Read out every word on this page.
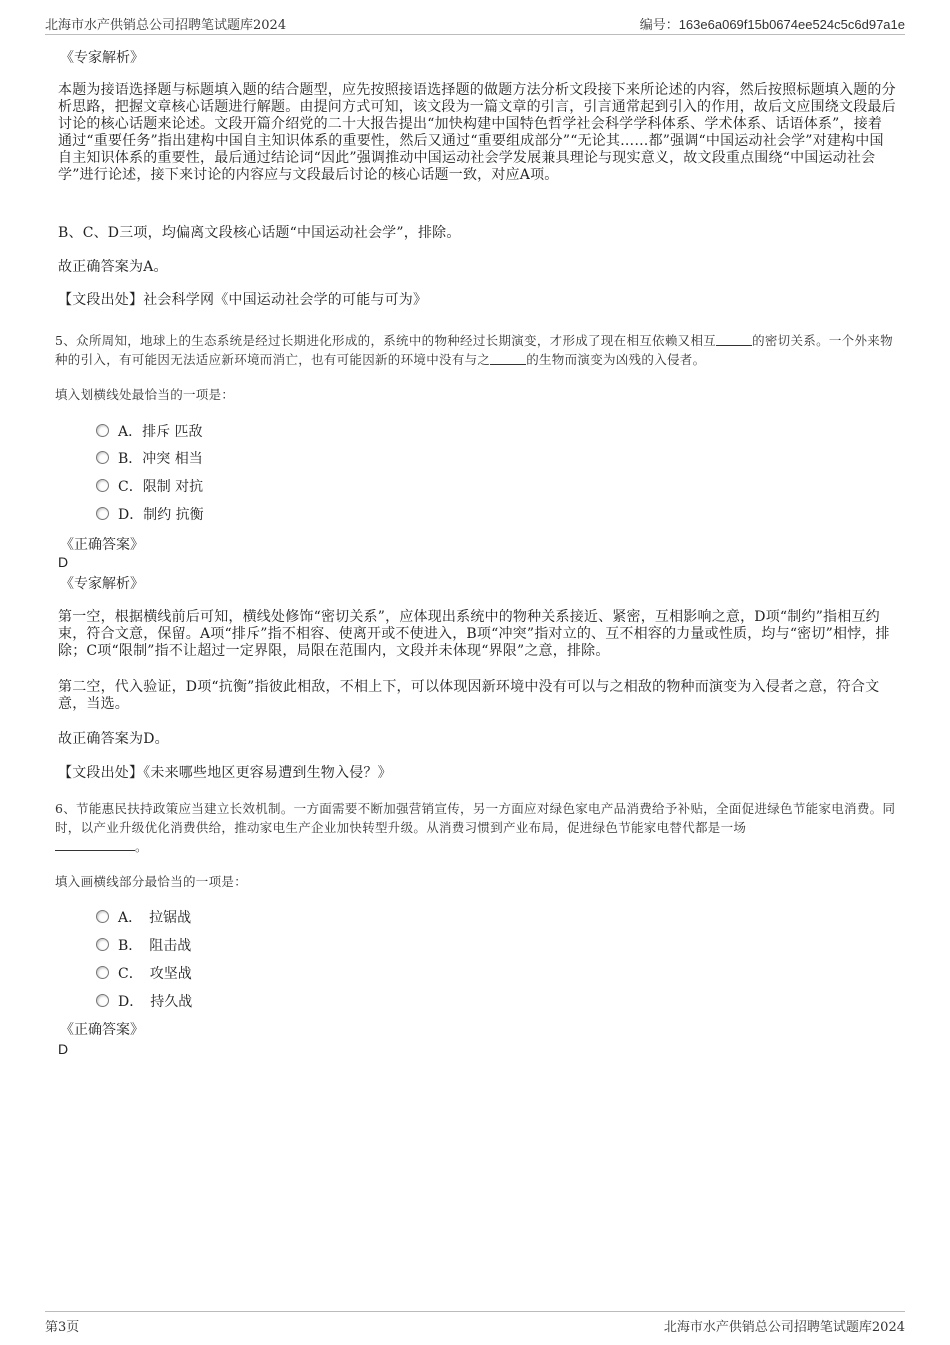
北海市水产供销总公司招聘笔试题库2024	编号：163e6a069f15b0674ee524c5c6d97a1e
《专家解析》

本题为接语选择题与标题填入题的结合题型，应先按照接语选择题的做题方法分析文段接下来所论述的内容，然后按照标题填入题的分析思路，把握文章核心话题进行解题。由提问方式可知，该文段为一篇文章的引言，引言通常起到引入的作用，故后文应围绕文段最后讨论的核心话题来论述。文段开篇介绍党的二十大报告提出“加快构建中国特色哲学社会科学学科体系、学术体系、话语体系”，接着通过“重要任务”指出建构中国自主知识体系的重要性，然后又通过“重要组成部分”“无论其……都”强调“中国运动社会学”对建构中国自主知识体系的重要性，最后通过结论词“因此”强调推动中国运动社会学发展兼具理论与现实意义，故文段重点围绕“中国运动社会学”进行论述，接下来讨论的内容应与文段最后讨论的核心话题一致，对应A项。

B、C、D三项，均偏离文段核心话题“中国运动社会学”，排除。

故正确答案为A。

【文段出处】社会科学网《中国运动社会学的可能与可为》

5、众所周知，地球上的生态系统是经过长期进化形成的，系统中的物种经过长期演变，才形成了现在相互依赖又相互	的密切关系。一个外来物种的引入，有可能因无法适应新环境而消亡，也有可能因新的环境中没有与之	的生物而演变为凶残的入侵者。

填入划横线处最恰当的一项是：
A．排斥 匹敌
B．冲突 相当
C．限制 对抗
D．制约 抗衡
《正确答案》
D
《专家解析》

第一空，根据横线前后可知，横线处修饰“密切关系”，应体现出系统中的物种关系接近、紧密，互相影响之意，D项“制约”指相互约束，符合文意，保留。A项“排斥”指不相容、使离开或不使进入，B项“冲突”指对立的、互不相容的力量或性质，均与“密切”相悖，排除；C项“限制”指不让超过一定界限，局限在范围内，文段并未体现“界限”之意，排除。

第二空，代入验证，D项“抗衡”指彼此相敌，不相上下，可以体现因新环境中没有可以与之相敌的物种而演变为入侵者之意，符合文意，当选。

故正确答案为D。

【文段出处】《未来哪些地区更容易遭到生物入侵？》

6、节能惠民扶持政策应当建立长效机制。一方面需要不断加强营销宣传，另一方面应对绿色家电产品消费给予补贴，全面促进绿色节能家电消费。同时，以产业升级优化消费供给，推动家电生产企业加快转型升级。从消费习惯到产业布局，促进绿色节能家电替代都是一场
。

填入画横线部分最恰当的一项是：
A．　拉锯战
B．　阻击战
C．　攻坚战
D．　持久战
《正确答案》
D
第3页	北海市水产供销总公司招聘笔试题库2024
